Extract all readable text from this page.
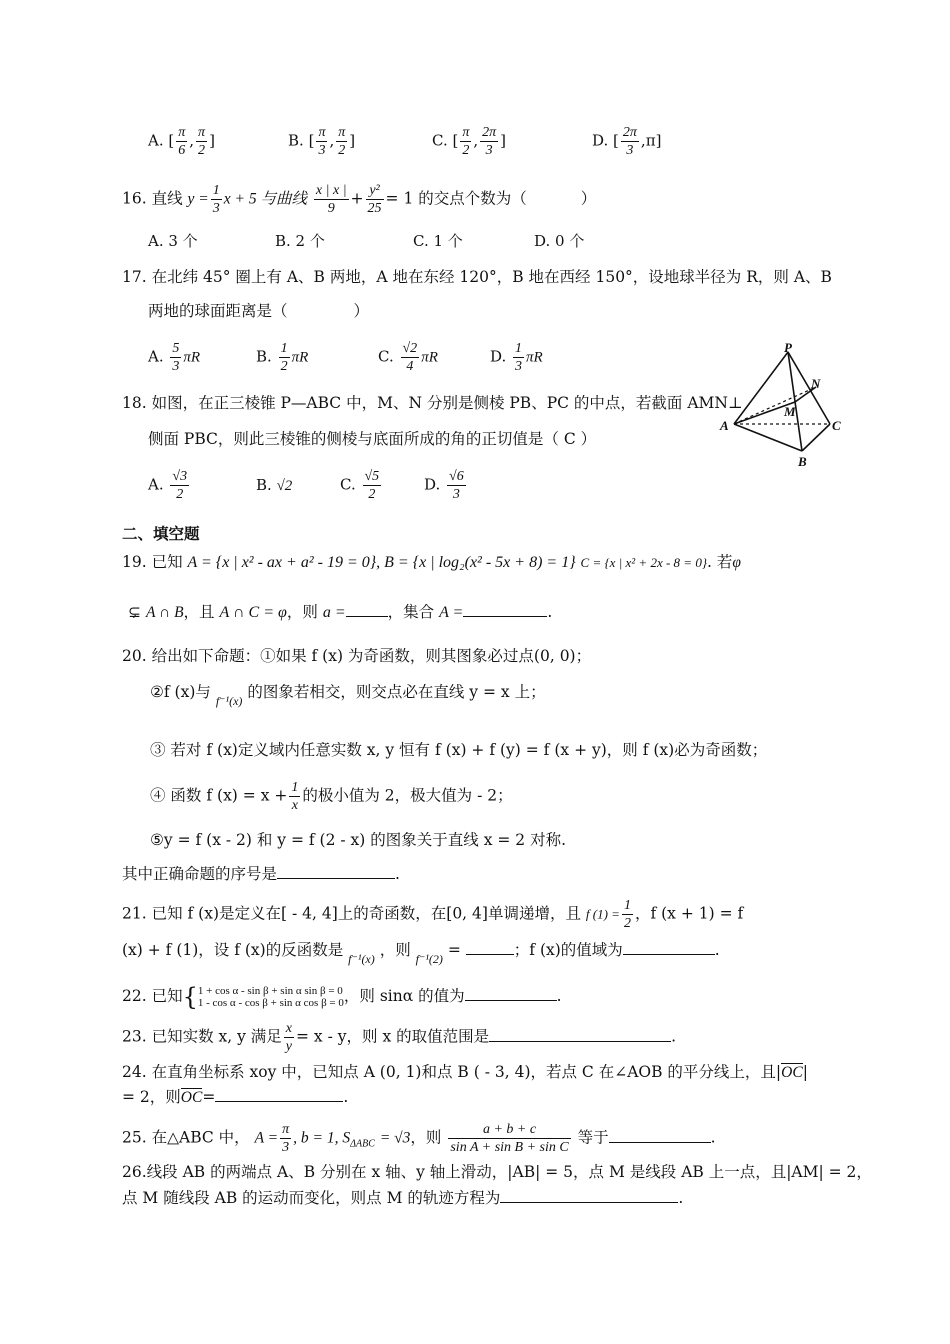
A. [ $\frac{\pi}{6}$ , $\frac{\pi}{2}$ ]	B. [ $\frac{\pi}{3}$ , $\frac{\pi}{2}$ ]	C. [ $\frac{\pi}{2}$ , $\frac{2\pi}{3}$ ]	D. [ $\frac{2\pi}{3} ,\pi$]
16. 直线 $y = \frac{1}{3}$ x + 5 与曲线 $\frac{x | x |}{9} + \frac{\text{y²}}{25} = 1$ 的交点个数为（	）
A. 3 个	B. 2 个	C. 1 个	D. 0 个
17. 在北纬 45° 圈上有 A、B 两地，A 地在东经 120°，B 地在西经 150°，设地球半径为 R，则 A、B
两地的球面距离是（	）
A. $\frac{5}{3}$ πR	B. $\frac{1}{2}$ πR	C. $\frac{√2}{4}$ πR	D. $\frac{1}{3}$ πR
P
N
M
A	C
B
18. 如图，在正三棱锥 P—ABC 中，M、N 分别是侧棱 PB、PC 的中点，若截面 AMN⊥
侧面 PBC，则此三棱锥的侧棱与底面所成的角的正切值是（ C ）
A. $\frac{√3}{2}$	B. √2	C. $\frac{√5}{2}$	D. $\frac{√6}{3}$
二、填空题
19. 已知 A = {x | x² - ax + a² - 19 = 0}, B = {x | log₂(x² - 5x + 8) = 1} C = {x | x² + 2x - 8 = 0}. 若φ
⊊ A ∩ B，且 A ∩ C = φ，则 a =	，集合 A =	.
20. 给出如下命题：①如果 f (x) 为奇函数，则其图象必过点(0, 0)；
②f (x)与 $_{f^{-1}(x)}$ 的图象若相交，则交点必在直线 y = x 上；
③ 若对 f (x)定义域内任意实数 x, y 恒有 f (x) + f (y) = f (x + y)，则 f (x)必为奇函数；
④ 函数 f $(x) = x + \frac{1}{x}$ 的极小值为 2，极大值为 - 2；
⑤y = f (x - 2) 和 y = f (2 - x) 的图象关于直线 x = 2 对称.
其中正确命题的序号是	.
21. 已知 f (x)是定义在[ - 4, 4]上的奇函数，在[0, 4]单调递增，且 f $(1) = \frac{1}{2}$ ，f (x + 1) = f
(x) + f (1)，设 f (x)的反函数是 $_{f^{-1}(x)}$ ，则 $_{f^{-1}(2)}$ =	；f (x)的值域为	.
22. 已知{ 1 + cos α - sin β + sin α sin β = 0
1 - cos α - cos β + sin α cos β = 0 ，则 sinα 的值为	.
23. 已知实数 x, y 满足 $\frac{x}{y} = x - y$，则 x 的取值范围是	.
24. 在直角坐标系 xoy 中，已知点 A (0, 1)和点 B ( - 3, 4)，若点 C 在∠AOB 的平分线上，且|OC|
= 2，则OC=	.
25. 在△ABC 中， $A = \frac{\pi}{3}$ , b = 1, $S_{\Delta ABC} = √3$，则 $\frac{a + b + c}{\text{sin A + sin B + sin C}}$ 等于	.
26.线段 AB 的两端点 A、B 分别在 x 轴、y 轴上滑动，|AB| = 5，点 M 是线段 AB 上一点，且|AM| = 2，
点 M 随线段 AB 的运动而变化，则点 M 的轨迹方程为	.
